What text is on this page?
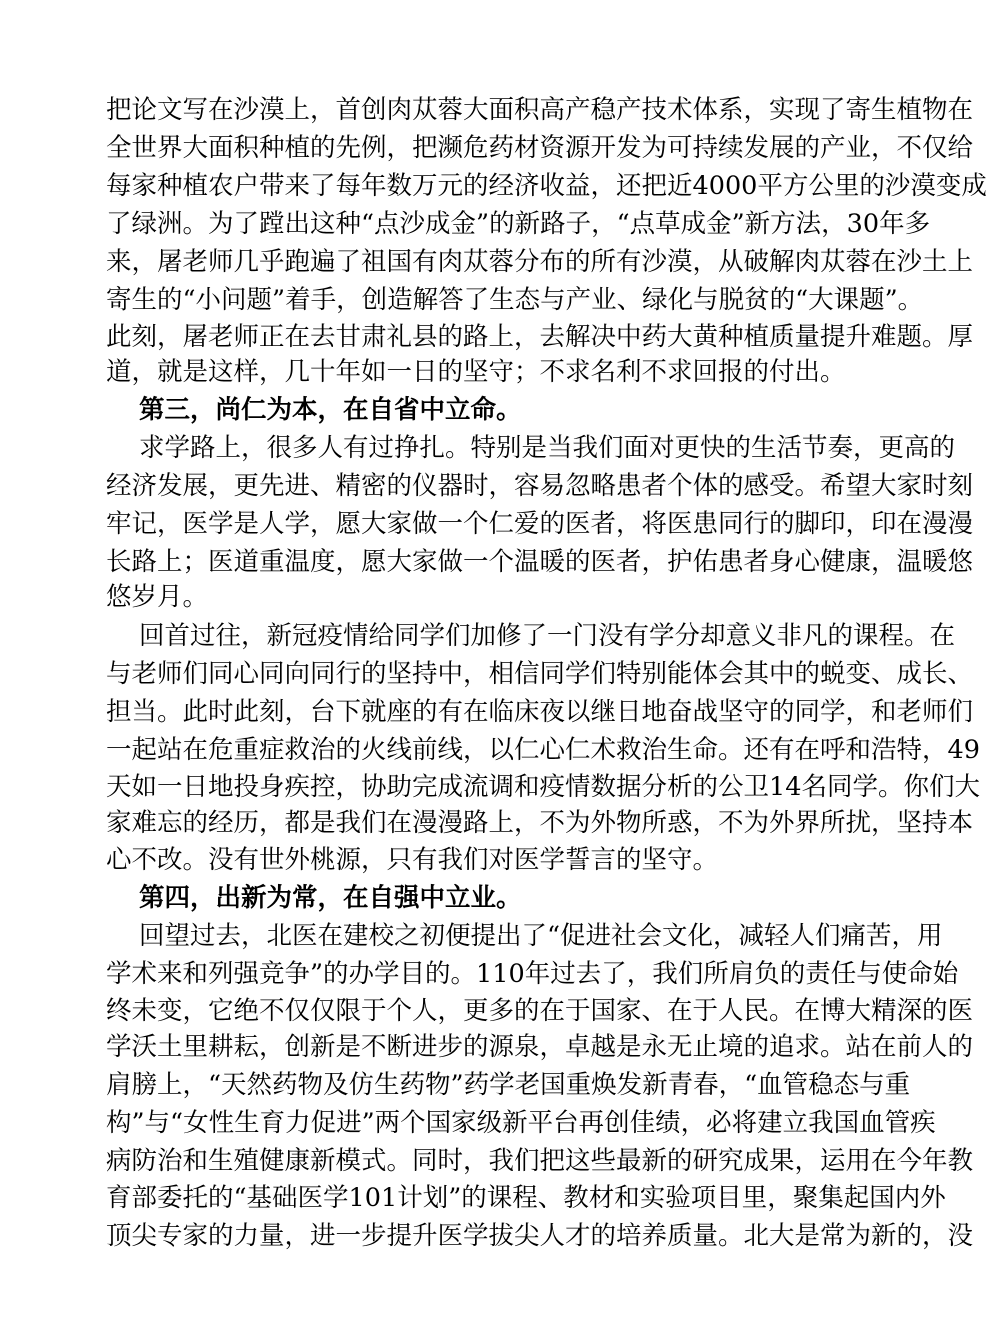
把论文写在沙漠上，首创肉苁蓉大面积高产稳产技术体系，实现了寄生植物在
全世界大面积种植的先例，把濒危药材资源开发为可持续发展的产业，不仅给
每家种植农户带来了每年数万元的经济收益，还把近4000平方公里的沙漠变成
了绿洲。为了蹚出这种“点沙成金”的新路子，“点草成金”新方法，30年多
来，屠老师几乎跑遍了祖国有肉苁蓉分布的所有沙漠，从破解肉苁蓉在沙土上
寄生的“小问题”着手，创造解答了生态与产业、绿化与脱贫的“大课题”。
此刻，屠老师正在去甘肃礼县的路上，去解决中药大黄种植质量提升难题。厚
道，就是这样，几十年如一日的坚守；不求名利不求回报的付出。
第三，尚仁为本，在自省中立命。
求学路上，很多人有过挣扎。特别是当我们面对更快的生活节奏，更高的
经济发展，更先进、精密的仪器时，容易忽略患者个体的感受。希望大家时刻
牢记，医学是人学，愿大家做一个仁爱的医者，将医患同行的脚印，印在漫漫
长路上；医道重温度，愿大家做一个温暖的医者，护佑患者身心健康，温暖悠
悠岁月。
回首过往，新冠疫情给同学们加修了一门没有学分却意义非凡的课程。在
与老师们同心同向同行的坚持中，相信同学们特别能体会其中的蜕变、成长、
担当。此时此刻，台下就座的有在临床夜以继日地奋战坚守的同学，和老师们
一起站在危重症救治的火线前线，以仁心仁术救治生命。还有在呼和浩特，49
天如一日地投身疾控，协助完成流调和疫情数据分析的公卫14名同学。你们大
家难忘的经历，都是我们在漫漫路上，不为外物所惑，不为外界所扰，坚持本
心不改。没有世外桃源，只有我们对医学誓言的坚守。
第四，出新为常，在自强中立业。
回望过去，北医在建校之初便提出了“促进社会文化，减轻人们痛苦，用
学术来和列强竞争”的办学目的。110年过去了，我们所肩负的责任与使命始
终未变，它绝不仅仅限于个人，更多的在于国家、在于人民。在博大精深的医
学沃土里耕耘，创新是不断进步的源泉，卓越是永无止境的追求。站在前人的
肩膀上，“天然药物及仿生药物”药学老国重焕发新青春，“血管稳态与重
构”与“女性生育力促进”两个国家级新平台再创佳绩，必将建立我国血管疾
病防治和生殖健康新模式。同时，我们把这些最新的研究成果，运用在今年教
育部委托的“基础医学101计划”的课程、教材和实验项目里，聚集起国内外
顶尖专家的力量，进一步提升医学拔尖人才的培养质量。北大是常为新的，没
